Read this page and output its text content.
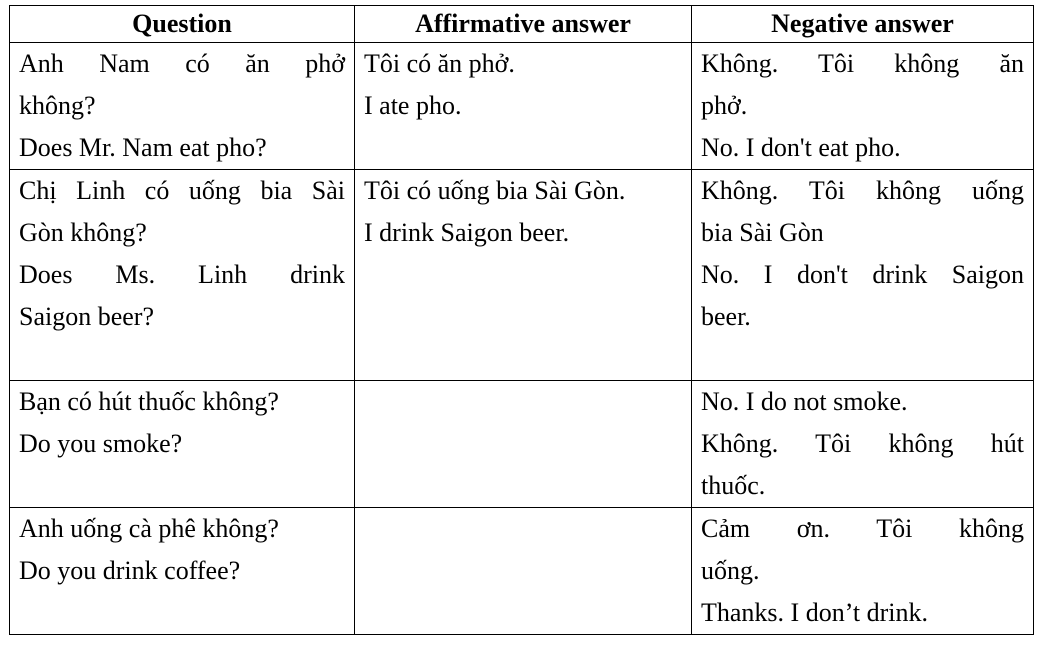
Question	Affirmative answer	Negative answer

Anh Nam có ăn phở
không?
Does Mr. Nam eat pho?	Tôi có ăn phở.
I ate pho.	Không. Tôi không ăn
phở.
No. I don't eat pho.

Chị Linh có uống bia Sài
Gòn không?
Does Ms. Linh drink
Saigon beer?	Tôi có uống bia Sài Gòn.
I drink Saigon beer.	Không. Tôi không uống
bia Sài Gòn
No. I don't drink Saigon
beer.

Bạn có hút thuốc không?
Do you smoke?		No. I do not smoke.
Không. Tôi không hút
thuốc.

Anh uống cà phê không?
Do you drink coffee?		Cảm ơn. Tôi không
uống.
Thanks. I don’t drink.
